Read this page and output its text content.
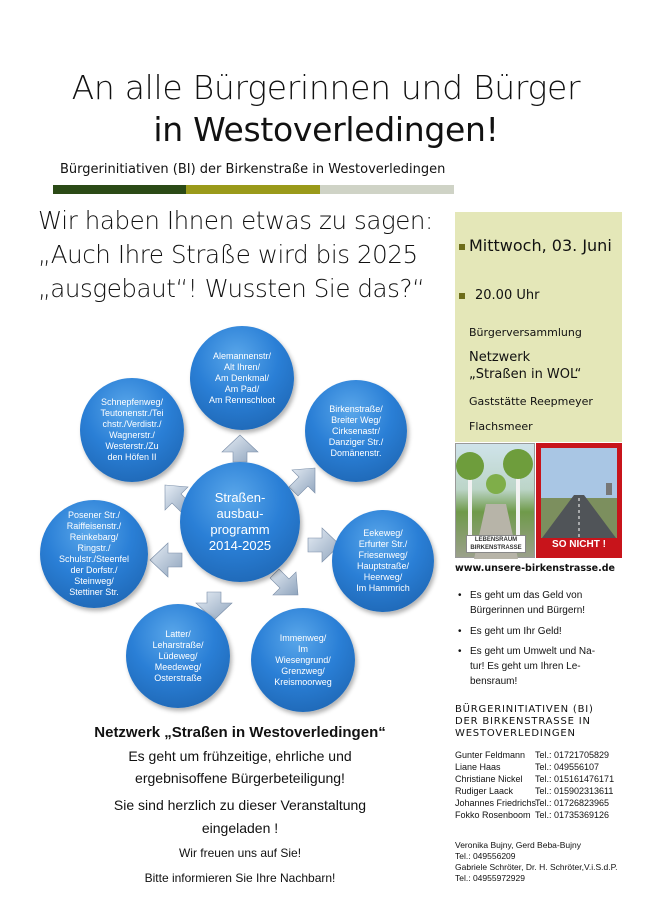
An alle Bürgerinnen und Bürger
in Westoverledingen!
Bürgerinitiativen (BI) der Birkenstraße in Westoverledingen
Wir haben Ihnen etwas zu sagen:
„Auch Ihre Straße wird bis 2025
„ausgebaut“! Wussten Sie das?“
Alemannenstr/
Alt Ihren/
Am Denkmal/
Am Pad/
Am Rennschloot
Birkenstraße/
Breiter Weg/
Cirksenastr/
Danziger Str./
Domänenstr.
Eekeweg/
Erfurter Str./
Friesenweg/
Hauptstraße/
Heerweg/
Im Hammrich
Immenweg/
Im
Wiesengrund/
Grenzweg/
Kreismoorweg
Latter/
Leharstraße/
Lüdeweg/
Meedeweg/
Osterstraße
Posener Str./
Raiffeisenstr./
Reinkebarg/
Ringstr./
Schulstr./Steenfel
der Dorfstr./
Steinweg/
Stettiner Str.
Schnepfenweg/
Teutonenstr./Tei
chstr./Verdistr./
Wagnerstr./
Westerstr./Zu
den Höfen II
Straßen-
ausbau-
programm
2014-2025
Mittwoch, 03. Juni
20.00 Uhr
Bürgerversammlung
Netzwerk
„Straßen in WOL“
Gaststätte Reepmeyer
Flachsmeer
LEBENSRAUM
BIRKENSTRASSE	SO NICHT !
www.unsere-birkenstrasse.de
• Es geht um das Geld von
Bürgerinnen und Bürgern!
• Es geht um Ihr Geld!
• Es geht um Umwelt und Na-
tur! Es geht um Ihren Le-
bensraum!
BÜRGERINITIATIVEN (BI)
DER BIRKENSTRASSE IN
WESTOVERLEDINGEN
Gunter Feldmann Tel.: 01721705829
Liane Haas	Tel.: 049556107
Christiane Nickel Tel.: 015161476171
Rudiger Laack Tel.: 015902313611
Johannes Friedrichs
Tel.: 01726823965
Fokko Rosenboom Tel.: 01735369126
Veronika Bujny, Gerd Beba-Bujny
Tel.: 049556209
Gabriele Schröter, Dr. H. Schröter,V.i.S.d.P.
Tel.: 04955972929
Netzwerk „Straßen in Westoverledingen“
Es geht um frühzeitige, ehrliche und
ergebnisoffene Bürgerbeteiligung!
Sie sind herzlich zu dieser Veranstaltung
eingeladen !
Wir freuen uns auf Sie!
Bitte informieren Sie Ihre Nachbarn!
